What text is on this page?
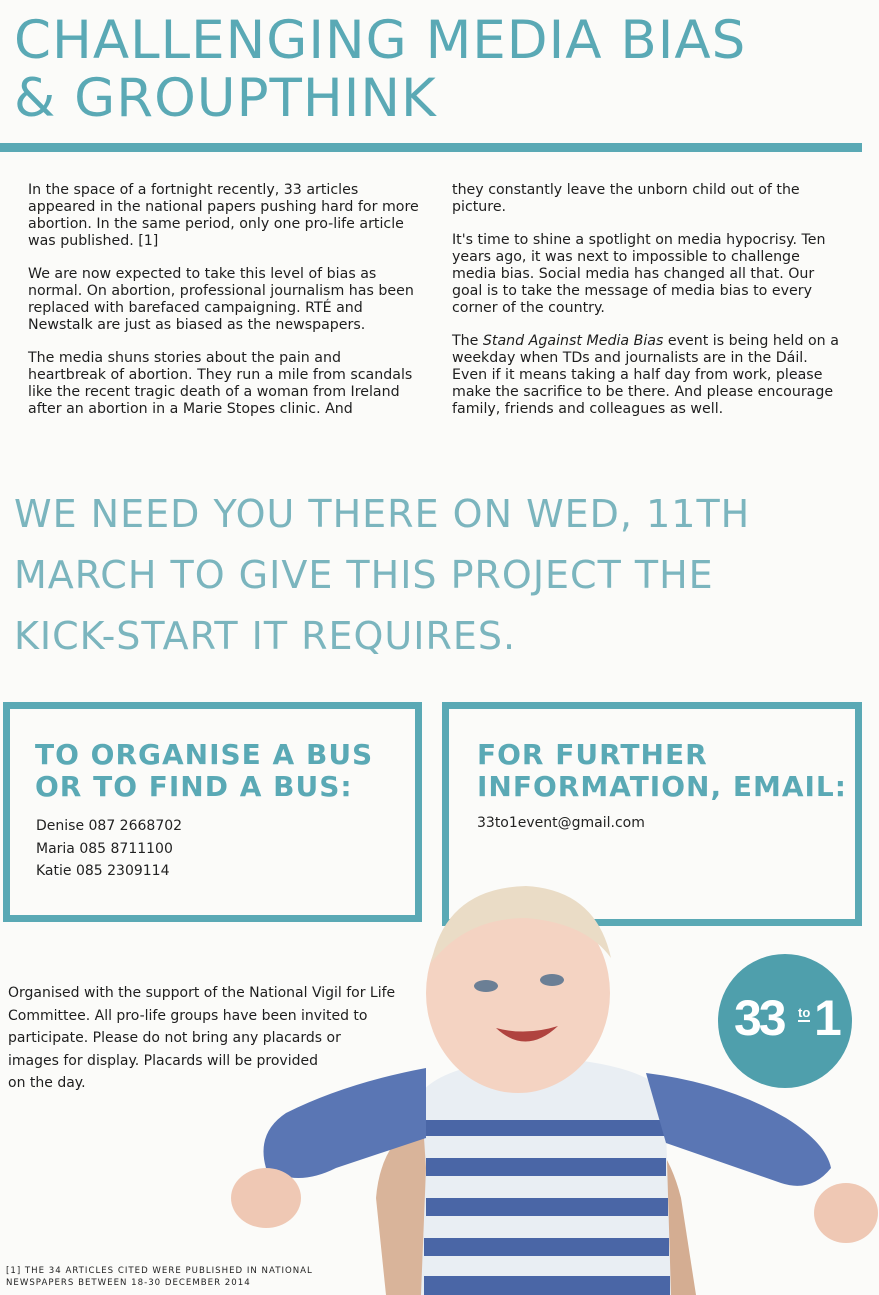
CHALLENGING MEDIA BIAS
& GROUPTHINK

In the space of a fortnight recently, 33 articles appeared in the national papers pushing hard for more abortion. In the same period, only one pro-life article was published. [1]

We are now expected to take this level of bias as normal. On abortion, professional journalism has been replaced with barefaced campaigning. RTÉ and Newstalk are just as biased as the newspapers.

The media shuns stories about the pain and heartbreak of abortion. They run a mile from scandals like the recent tragic death of a woman from Ireland after an abortion in a Marie Stopes clinic. And

they constantly leave the unborn child out of the picture.

It's time to shine a spotlight on media hypocrisy. Ten years ago, it was next to impossible to challenge media bias. Social media has changed all that. Our goal is to take the message of media bias to every corner of the country.

The Stand Against Media Bias event is being held on a weekday when TDs and journalists are in the Dáil. Even if it means taking a half day from work, please make the sacrifice to be there. And please encourage family, friends and colleagues as well.

WE NEED YOU THERE ON WED, 11TH
MARCH TO GIVE THIS PROJECT THE
KICK-START IT REQUIRES.
TO ORGANISE A BUS
OR TO FIND A BUS:
Denise 087 2668702
Maria 085 8711100
Katie 085 2309114
FOR FURTHER
INFORMATION, EMAIL:
33to1event@gmail.com
Organised with the support of the National Vigil for Life
Committee. All pro-life groups have been invited to
participate. Please do not bring any placards or
images for display. Placards will be provided
on the day.
33 to 1
[1] THE 34 ARTICLES CITED WERE PUBLISHED IN NATIONAL
NEWSPAPERS BETWEEN 18-30 DECEMBER 2014
